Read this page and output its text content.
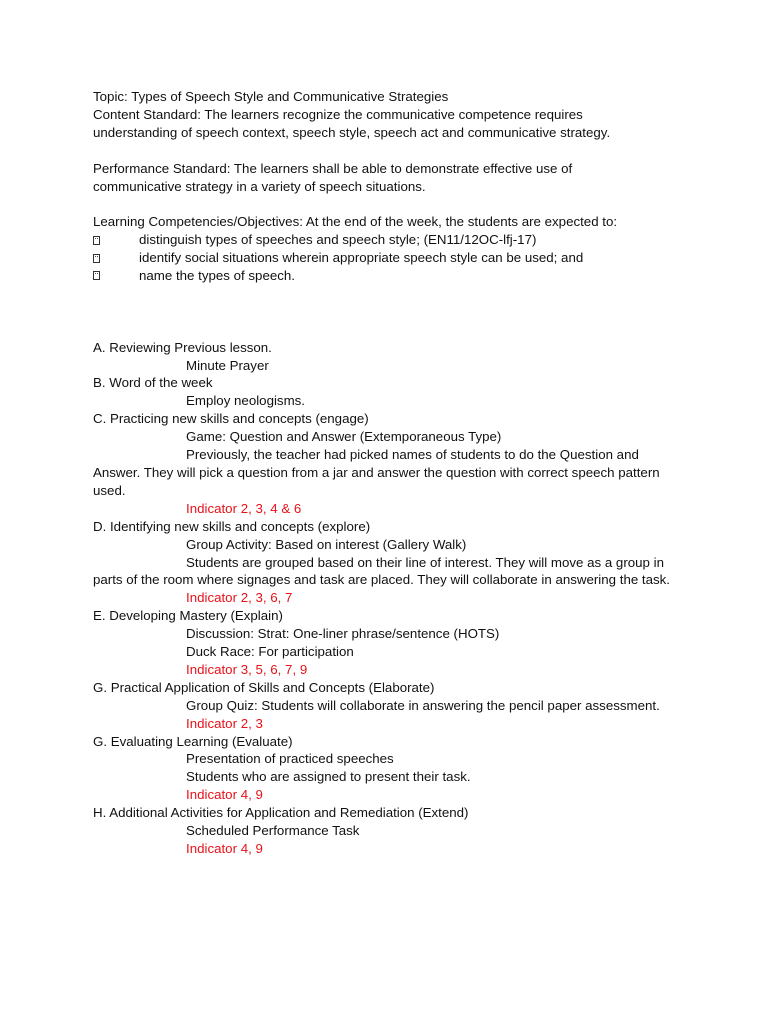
Topic: Types of Speech Style and Communicative Strategies
Content Standard: The learners recognize the communicative competence requires
understanding of speech context, speech style, speech act and communicative strategy.
Performance Standard: The learners shall be able to demonstrate effective use of
communicative strategy in a variety of speech situations.
Learning Competencies/Objectives: At the end of the week, the students are expected to:
distinguish types of speeches and speech style; (EN11/12OC-lfj-17)
identify social situations wherein appropriate speech style can be used; and
name the types of speech.
A. Reviewing Previous lesson.
Minute Prayer
B. Word of the week
Employ neologisms.
C. Practicing new skills and concepts (engage)
Game: Question and Answer (Extemporaneous Type)
Previously, the teacher had picked names of students to do the Question and Answer. They will pick a question from a jar and answer the question with correct speech pattern used.
Indicator 2, 3, 4 & 6
D. Identifying new skills and concepts (explore)
Group Activity: Based on interest (Gallery Walk)
Students are grouped based on their line of interest. They will move as a group in parts of the room where signages and task are placed. They will collaborate in answering the task.
Indicator 2, 3, 6, 7
E. Developing Mastery (Explain)
Discussion: Strat: One-liner phrase/sentence (HOTS)
Duck Race: For participation
Indicator 3, 5, 6, 7, 9
G. Practical Application of Skills and Concepts (Elaborate)
Group Quiz: Students will collaborate in answering the pencil paper assessment.
Indicator 2, 3
G. Evaluating Learning (Evaluate)
Presentation of practiced speeches
Students who are assigned to present their task.
Indicator 4, 9
H. Additional Activities for Application and Remediation (Extend)
Scheduled Performance Task
Indicator 4, 9
